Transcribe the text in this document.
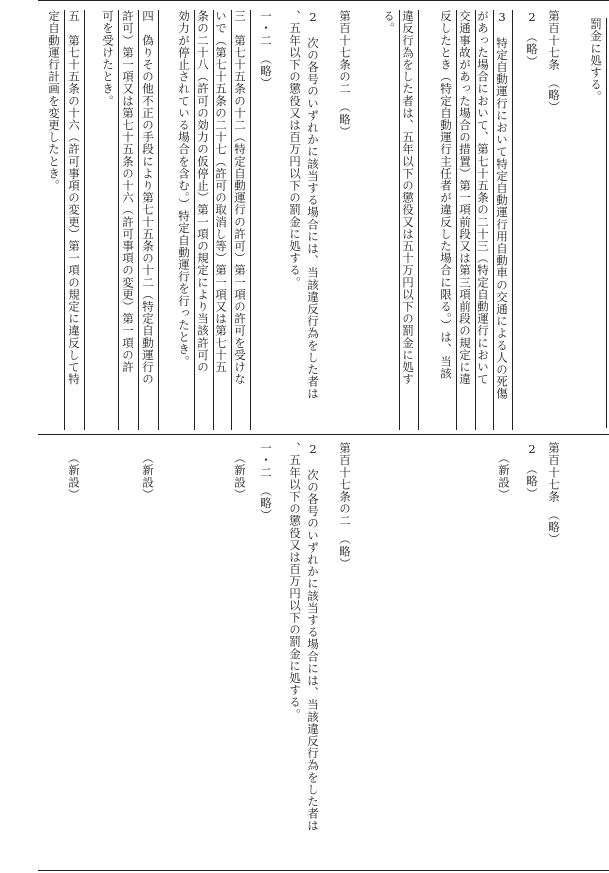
罰金に処する。
第百十七条　（略）
2　（略）
3　特定自動運行において特定自動運行用自動車の交通による人の死傷
があった場合において、第七十五条の二十三（特定自動運行において
交通事故があった場合の措置）第一項前段又は第三項前段の規定に違
反したとき（特定自動運行主任者が違反した場合に限る。）は、当該
違反行為をした者は、五年以下の懲役又は五十万円以下の罰金に処す
る。
第百十七条の二　（略）
2　次の各号のいずれかに該当する場合には、当該違反行為をした者は
、五年以下の懲役又は百万円以下の罰金に処する。
一・二　（略）
三　第七十五条の十二（特定自動運行の許可）第一項の許可を受けな
いで（第七十五条の二十七（許可の取消し等）第一項又は第七十五
条の二十八（許可の効力の仮停止）第一項の規定により当該許可の
効力が停止されている場合を含む。）特定自動運行を行ったとき。
四　偽りその他不正の手段により第七十五条の十二（特定自動運行の
許可）第一項又は第七十五条の十六（許可事項の変更）第一項の許
可を受けたとき。
五　第七十五条の十六（許可事項の変更）第一項の規定に違反して特
定自動運行計画を変更したとき。
第百十七条　（略）
2　（略）
（新設）
第百十七条の二　（略）
2　次の各号のいずれかに該当する場合には、当該違反行為をした者は
、五年以下の懲役又は百万円以下の罰金に処する。
一・二　（略）
（新設）
（新設）
（新設）
